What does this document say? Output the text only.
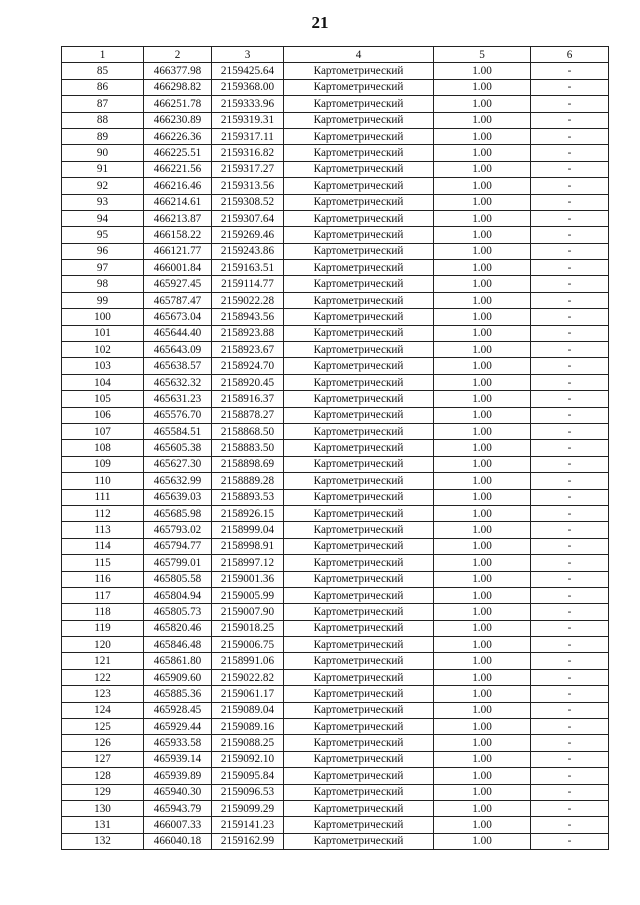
21
1	2	3	4	5	6
85	466377.98	2159425.64	Картометрический	1.00	-
86	466298.82	2159368.00	Картометрический	1.00	-
87	466251.78	2159333.96	Картометрический	1.00	-
88	466230.89	2159319.31	Картометрический	1.00	-
89	466226.36	2159317.11	Картометрический	1.00	-
90	466225.51	2159316.82	Картометрический	1.00	-
91	466221.56	2159317.27	Картометрический	1.00	-
92	466216.46	2159313.56	Картометрический	1.00	-
93	466214.61	2159308.52	Картометрический	1.00	-
94	466213.87	2159307.64	Картометрический	1.00	-
95	466158.22	2159269.46	Картометрический	1.00	-
96	466121.77	2159243.86	Картометрический	1.00	-
97	466001.84	2159163.51	Картометрический	1.00	-
98	465927.45	2159114.77	Картометрический	1.00	-
99	465787.47	2159022.28	Картометрический	1.00	-
100	465673.04	2158943.56	Картометрический	1.00	-
101	465644.40	2158923.88	Картометрический	1.00	-
102	465643.09	2158923.67	Картометрический	1.00	-
103	465638.57	2158924.70	Картометрический	1.00	-
104	465632.32	2158920.45	Картометрический	1.00	-
105	465631.23	2158916.37	Картометрический	1.00	-
106	465576.70	2158878.27	Картометрический	1.00	-
107	465584.51	2158868.50	Картометрический	1.00	-
108	465605.38	2158883.50	Картометрический	1.00	-
109	465627.30	2158898.69	Картометрический	1.00	-
110	465632.99	2158889.28	Картометрический	1.00	-
111	465639.03	2158893.53	Картометрический	1.00	-
112	465685.98	2158926.15	Картометрический	1.00	-
113	465793.02	2158999.04	Картометрический	1.00	-
114	465794.77	2158998.91	Картометрический	1.00	-
115	465799.01	2158997.12	Картометрический	1.00	-
116	465805.58	2159001.36	Картометрический	1.00	-
117	465804.94	2159005.99	Картометрический	1.00	-
118	465805.73	2159007.90	Картометрический	1.00	-
119	465820.46	2159018.25	Картометрический	1.00	-
120	465846.48	2159006.75	Картометрический	1.00	-
121	465861.80	2158991.06	Картометрический	1.00	-
122	465909.60	2159022.82	Картометрический	1.00	-
123	465885.36	2159061.17	Картометрический	1.00	-
124	465928.45	2159089.04	Картометрический	1.00	-
125	465929.44	2159089.16	Картометрический	1.00	-
126	465933.58	2159088.25	Картометрический	1.00	-
127	465939.14	2159092.10	Картометрический	1.00	-
128	465939.89	2159095.84	Картометрический	1.00	-
129	465940.30	2159096.53	Картометрический	1.00	-
130	465943.79	2159099.29	Картометрический	1.00	-
131	466007.33	2159141.23	Картометрический	1.00	-
132	466040.18	2159162.99	Картометрический	1.00	-
